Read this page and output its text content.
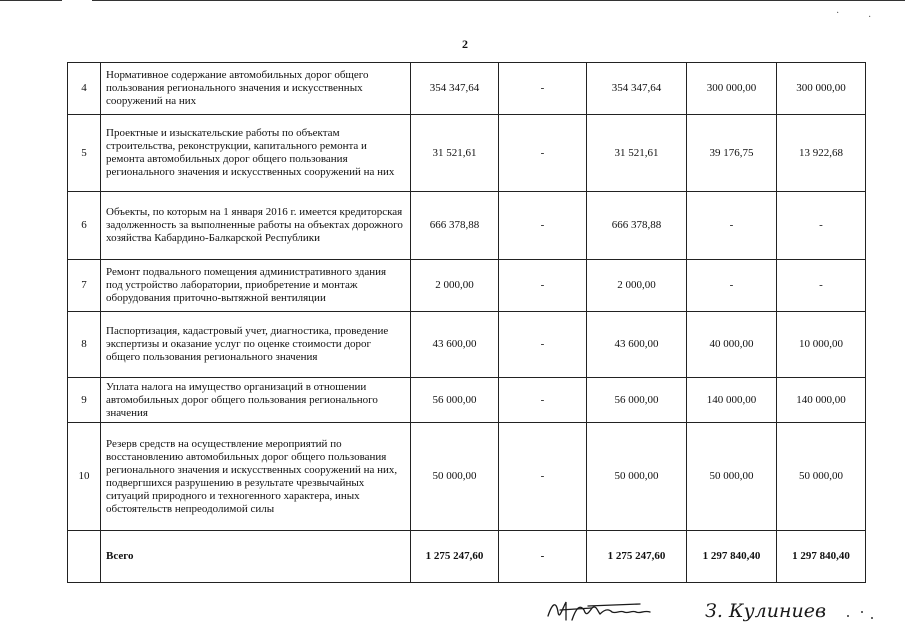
·	·
2
4	Нормативное содержание автомобильных дорог общего пользования регионального значения и искусственных сооружений на них	354 347,64	-	354 347,64	300 000,00	300 000,00
5	Проектные и изыскательские работы по объектам строительства, реконструкции, капитального ремонта и ремонта автомобильных дорог общего пользования регионального значения и искусственных сооружений на них	31 521,61	-	31 521,61	39 176,75	13 922,68
6	Объекты, по которым на 1 января 2016 г. имеется кредиторская задолженность за выполненные работы на объектах дорожного хозяйства Кабардино-Балкарской Республики	666 378,88	-	666 378,88	-	-
7	Ремонт подвального помещения административного здания под устройство лаборатории, приобретение и монтаж оборудования приточно-вытяжной вентиляции	2 000,00	-	2 000,00	-	-
8	Паспортизация, кадастровый учет, диагностика, проведение экспертизы и оказание услуг по оценке стоимости дорог общего пользования регионального значения	43 600,00	-	43 600,00	40 000,00	10 000,00
9	Уплата налога на имущество организаций в отношении автомобильных дорог общего пользования регионального значения	56 000,00	-	56 000,00	140 000,00	140 000,00
10	Резерв средств на осуществление мероприятий по восстановлению автомобильных дорог общего пользования регионального значения и искусственных сооружений на них, подвергшихся разрушению в результате чрезвычайных ситуаций природного и техногенного характера, иных обстоятельств непреодолимой силы	50 000,00	-	50 000,00	50 000,00	50 000,00
	Всего	1 275 247,60	-	1 275 247,60	1 297 840,40	1 297 840,40
З. Кулиниев
